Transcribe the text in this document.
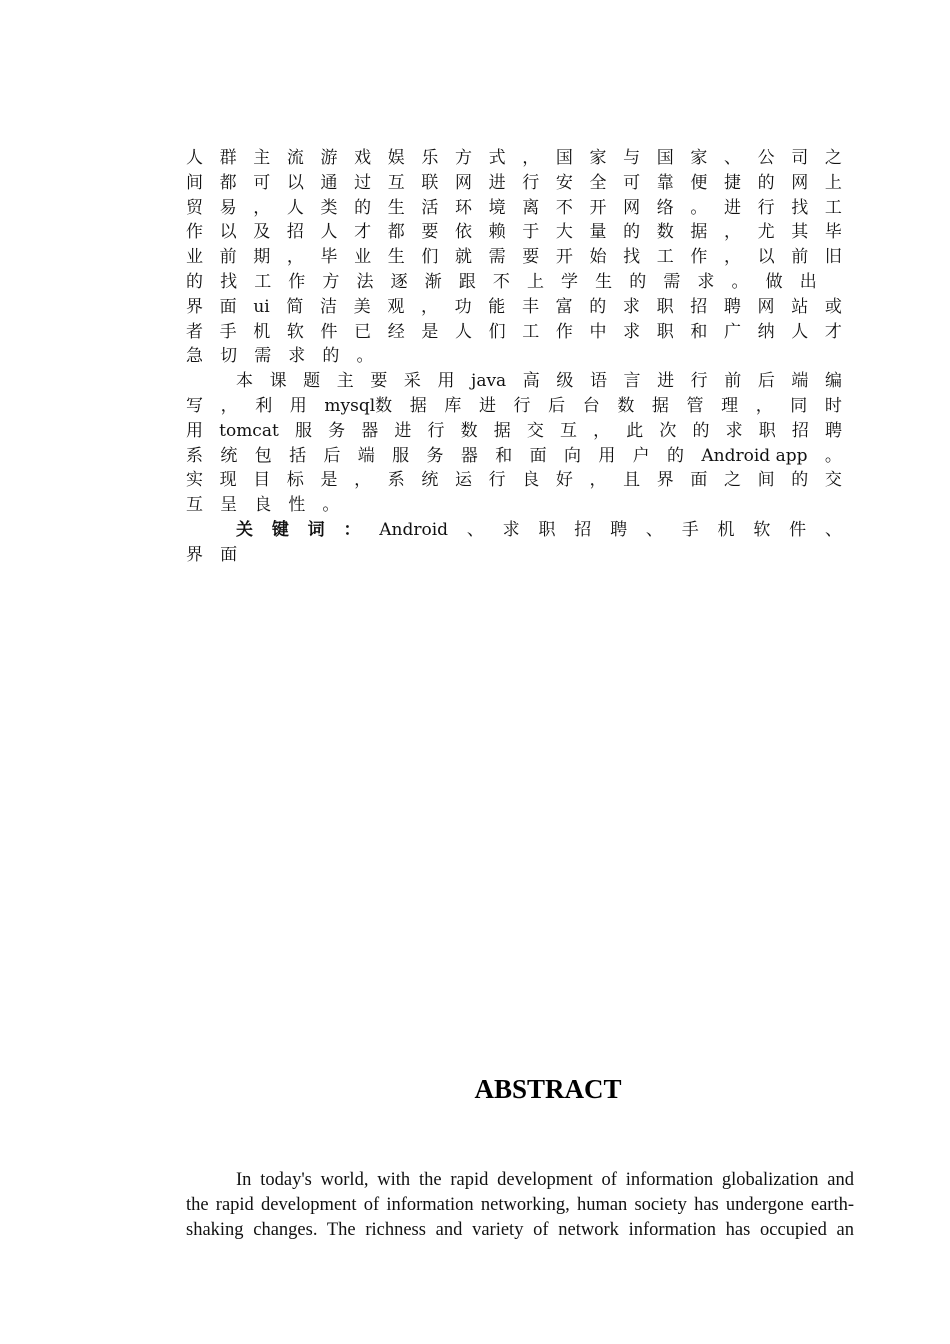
人 群 主 流 游 戏 娱 乐 方 式 ， 国 家 与 国 家 、 公 司 之
间 都 可 以 通 过 互 联 网 进 行 安 全 可 靠 便 捷 的 网 上
贸 易 ， 人 类 的 生 活 环 境 离 不 开 网 络 。 进 行 找 工
作 以 及 招 人 才 都 要 依 赖 于 大 量 的 数 据 ， 尤 其 毕
业 前 期 ， 毕 业 生 们 就 需 要 开 始 找 工 作 ， 以 前 旧
的 找 工 作 方 法 逐 渐 跟 不 上 学 生 的 需 求 。 做 出
界 面 ui 简 洁 美 观 ， 功 能 丰 富 的 求 职 招 聘 网 站 或
者 手 机 软 件 已 经 是 人 们 工 作 中 求 职 和 广 纳 人 才
急 切 需 求 的 。
本 课 题 主 要 采 用 java 高 级 语 言 进 行 前 后 端 编
写 ， 利 用 mysql数 据 库 进 行 后 台 数 据 管 理 ， 同 时
用 tomcat 服 务 器 进 行 数 据 交 互 ， 此 次 的 求 职 招 聘
系 统 包 括 后 端 服 务 器 和 面 向 用 户 的 Android app 。
实 现 目 标 是 ， 系 统 运 行 良 好 ， 且 界 面 之 间 的 交
互 呈 良 性 。
关 键 词 ： Android 、 求 职 招 聘 、 手 机 软 件 、
界 面
ABSTRACT
In today's world, with the rapid development of information globalization and
the rapid development of information networking, human society has undergone earth-
shaking changes. The richness and variety of network information has occupied an
